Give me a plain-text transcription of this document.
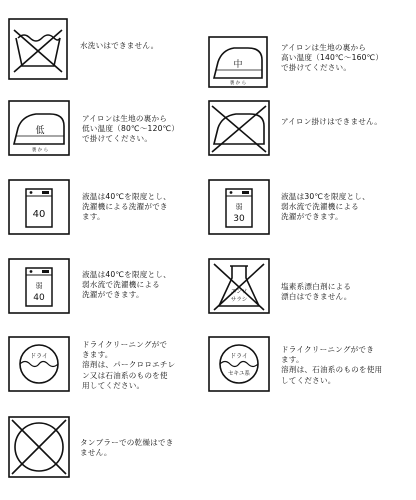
水洗いはできません。
中
裏 か ら
アイロンは生地の裏から
高い温度（140℃〜160℃）
で掛けてください。
低
裏 か ら
アイロンは生地の裏から
低い温度（80℃〜120℃）
で掛けてください。
アイロン掛けはできません。
40
液温は40℃を限度とし、
洗濯機による洗濯ができ
ます。
弱
30
液温は30℃を限度とし、
弱水流で洗濯機による
洗濯ができます。
弱
40
液温は40℃を限度とし、
弱水流で洗濯機による
洗濯ができます。	エンソ
サラシ
塩素系漂白剤による
漂白はできません。
ドライ
ドライクリーニングがで
きます。
溶剤は、パークロロエチレ
ン又は石油系のものを使
用してください。
ドライ
セキユ系
ドライクリーニングができ
ます。
溶剤は、石油系のものを使用
してください。
タンブラーでの乾燥はでき
ません。
